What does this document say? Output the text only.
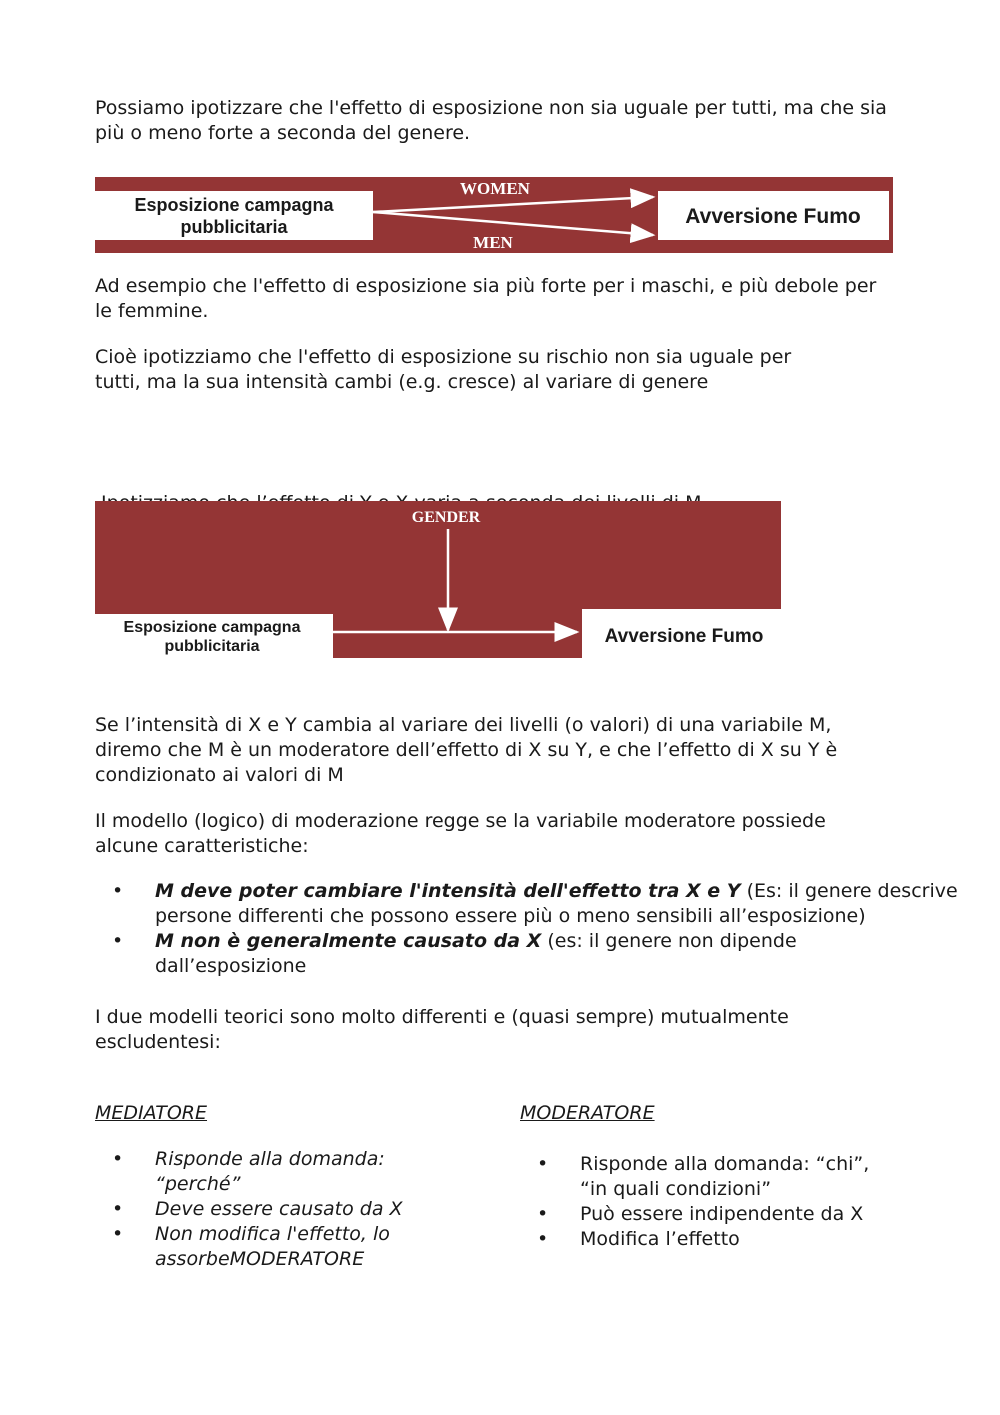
Possiamo ipotizzare che l'effetto di esposizione non sia uguale per tutti, ma che sia
più o meno forte a seconda del genere.

Esposizione campagna
pubblicitaria	Avversione Fumo
WOMEN
MEN

Ad esempio che l'effetto di esposizione sia più forte per i maschi, e più debole per
le femmine.

Cioè ipotizziamo che l'effetto di esposizione su rischio non sia uguale per
tutti, ma la sua intensità cambi (e.g. cresce) al variare di genere

Esposizione campagna
pubblicitaria	Avversione Fumo
GENDER

Se l’intensità di X e Y cambia al variare dei livelli (o valori) di una variabile M,
diremo che M è un moderatore dell’effetto di X su Y, e che l’effetto di X su Y è
condizionato ai valori di M

Il modello (logico) di moderazione regge se la variabile moderatore possiede
alcune caratteristiche:

• M deve poter cambiare l'intensità dell'effetto tra X e Y (Es: il genere descrive
persone differenti che possono essere più o meno sensibili all’esposizione)
• M non è generalmente causato da X (es: il genere non dipende
dall’esposizione

I due modelli teorici sono molto differenti e (quasi sempre) mutualmente
escludentesi:

MEDIATORE
• Risponde alla domanda:
“perché”
• Deve essere causato da X
• Non modifica l'effetto, lo
assorbeMODERATORE
MODERATORE
• Risponde alla domanda: “chi”,
“in quali condizioni”
• Può essere indipendente da X
• Modifica l’effetto
